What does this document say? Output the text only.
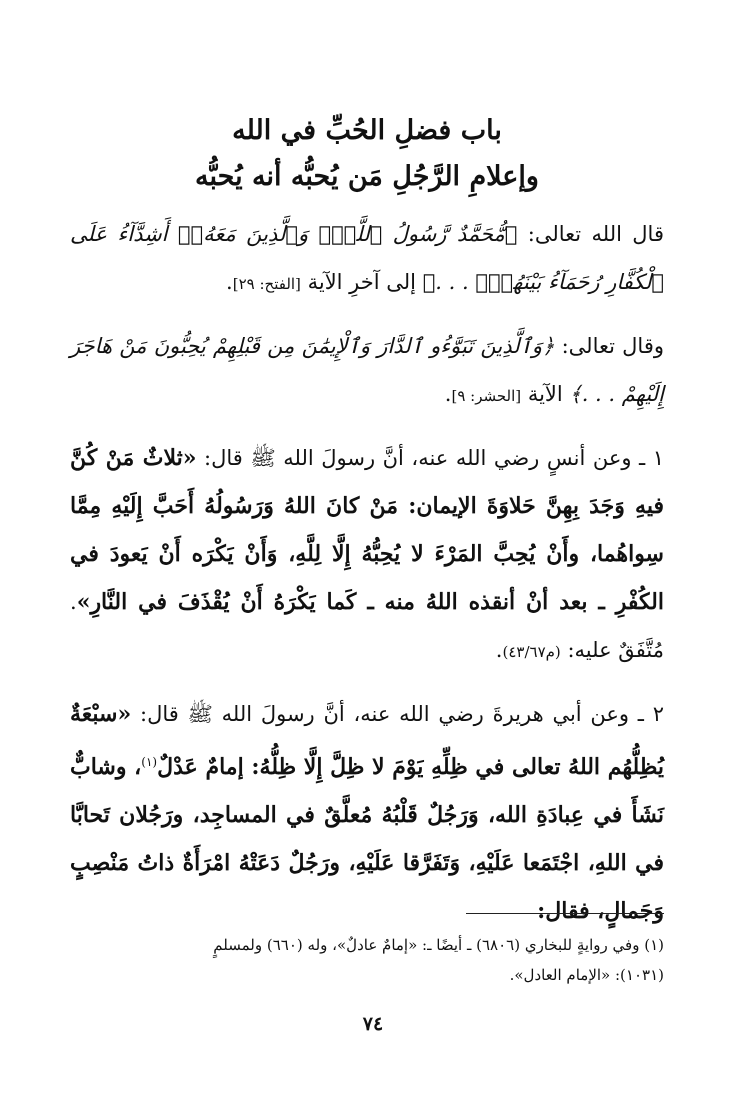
باب فضلِ الحُبِّ في الله
وإعلامِ الرَّجُلِ مَن يُحبُّه أنه يُحبُّه

قال الله تعالى: ﴿مُّحَمَّدٌ رَّسُولُ ٱللَّهِۚ وَٱلَّذِينَ مَعَهُۥٓ أَشِدَّآءُ عَلَى ٱلْكُفَّارِ رُحَمَآءُ بَيْنَهُمْۖ . . .﴾ إلى آخرِ الآية [الفتح: ٢٩].

وقال تعالى: ﴿وَٱلَّذِينَ تَبَوَّءُو ٱلدَّارَ وَٱلْإِيمَٰنَ مِن قَبْلِهِمْ يُحِبُّونَ مَنْ هَاجَرَ إِلَيْهِمْ . . .﴾ الآية [الحشر: ٩].

١ ـ وعن أنسٍ رضي الله عنه، أنَّ رسولَ الله ﷺ قال: «ثلاثٌ مَنْ كُنَّ فيهِ وَجَدَ بِهِنَّ حَلاوَةَ الإيمان: مَنْ كانَ اللهُ وَرَسُولُهُ أَحَبَّ إِلَيْهِ مِمَّا سِواهُما، وأَنْ يُحِبَّ المَرْءَ لا يُحِبُّهُ إِلَّا لِلَّهِ، وَأَنْ يَكْرَه أَنْ يَعودَ في الكُفْرِ ـ بعد أنْ أنقذه اللهُ منه ـ كَما يَكْرَهُ أَنْ يُقْذَفَ في النَّارِ». مُتَّفَقٌ عليه: (م٤٣/٦٧).

٢ ـ وعن أبي هريرةَ رضي الله عنه، أنَّ رسولَ الله ﷺ قال: «سبْعَةٌ يُظِلُّهُم اللهُ تعالى في ظِلِّهِ يَوْمَ لا ظِلَّ إِلَّا ظِلُّهُ: إمامٌ عَدْلٌ$^{(١)}$، وشابٌّ نَشَأَ في عِبادَةِ الله، وَرَجُلٌ قَلْبُهُ مُعلَّقٌ في المساجِد، ورَجُلان تَحابَّا في اللهِ، اجْتَمَعا عَلَيْهِ، وَتَفَرَّقا عَلَيْهِ، ورَجُلٌ دَعَتْهُ امْرَأَةٌ ذاتُ مَنْصِبٍ وَجَمالٍ، فقال:

(١) وفي روايةٍ للبخاري (٦٨٠٦) ـ أيضًا ـ: «إمامٌ عادلٌ»، وله (٦٦٠) ولمسلمٍ

(١٠٣١): «الإمام العادل».

٧٤
